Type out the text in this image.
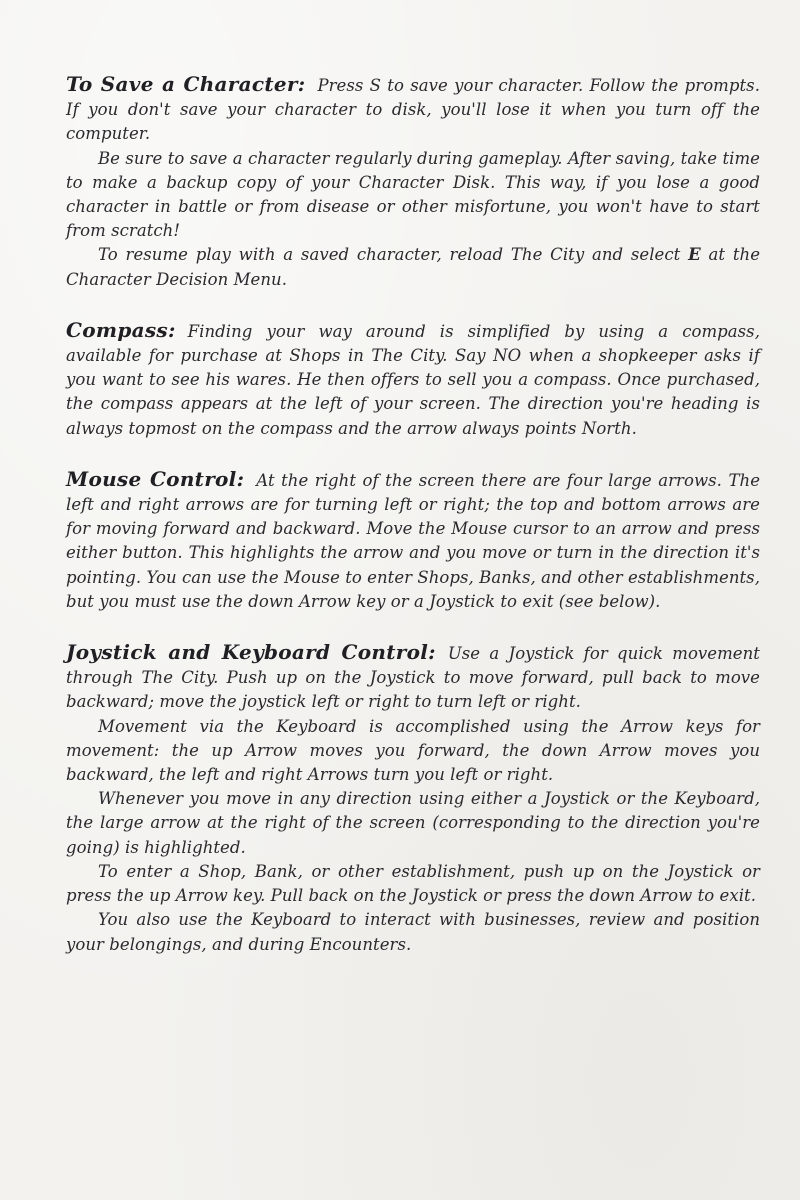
To Save a Character: Press S to save your character. Follow the prompts. If you don't save your character to disk, you'll lose it when you turn off the computer.

Be sure to save a character regularly during gameplay. After saving, take time to make a backup copy of your Character Disk. This way, if you lose a good character in battle or from disease or other misfortune, you won't have to start from scratch!

To resume play with a saved character, reload The City and select E at the Character Decision Menu.

Compass: Finding your way around is simplified by using a compass, available for purchase at Shops in The City. Say NO when a shopkeeper asks if you want to see his wares. He then offers to sell you a compass. Once purchased, the compass appears at the left of your screen. The direction you're heading is always topmost on the compass and the arrow always points North.

Mouse Control: At the right of the screen there are four large arrows. The left and right arrows are for turning left or right; the top and bottom arrows are for moving forward and backward. Move the Mouse cursor to an arrow and press either button. This highlights the arrow and you move or turn in the direction it's pointing. You can use the Mouse to enter Shops, Banks, and other establishments, but you must use the down Arrow key or a Joystick to exit (see below).

Joystick and Keyboard Control: Use a Joystick for quick movement through The City. Push up on the Joystick to move forward, pull back to move backward; move the joystick left or right to turn left or right.

Movement via the Keyboard is accomplished using the Arrow keys for movement: the up Arrow moves you forward, the down Arrow moves you backward, the left and right Arrows turn you left or right.

Whenever you move in any direction using either a Joystick or the Keyboard, the large arrow at the right of the screen (corresponding to the direction you're going) is highlighted.

To enter a Shop, Bank, or other establishment, push up on the Joystick or press the up Arrow key. Pull back on the Joystick or press the down Arrow to exit.

You also use the Keyboard to interact with businesses, review and position your belongings, and during Encounters.
